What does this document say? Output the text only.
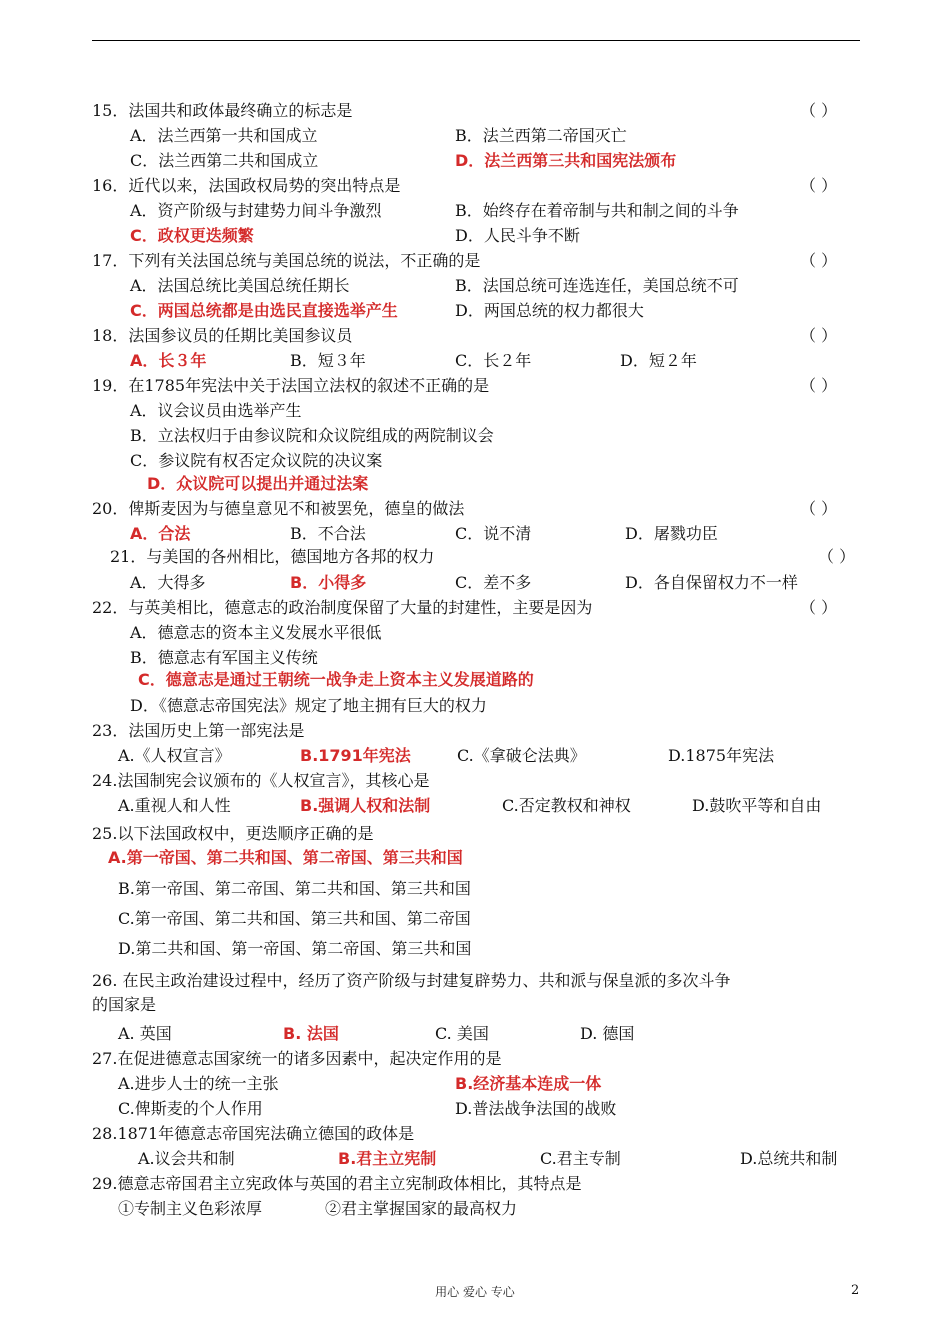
15．法国共和政体最终确立的标志是	（ ）
A．法兰西第一共和国成立	B．法兰西第二帝国灭亡
C．法兰西第二共和国成立	D．法兰西第三共和国宪法颁布
16．近代以来，法国政权局势的突出特点是	（ ）
A．资产阶级与封建势力间斗争激烈	B．始终存在着帝制与共和制之间的斗争
C．政权更迭频繁	D．人民斗争不断
17．下列有关法国总统与美国总统的说法，不正确的是	（ ）
A．法国总统比美国总统任期长	B．法国总统可连选连任，美国总统不可
C．两国总统都是由选民直接选举产生	D．两国总统的权力都很大
18．法国参议员的任期比美国参议员	（ ）
A．长３年	B．短３年	C．长２年	D．短２年
19．在1785年宪法中关于法国立法权的叙述不正确的是	（ ）
A．议会议员由选举产生
B．立法权归于由参议院和众议院组成的两院制议会
C．参议院有权否定众议院的决议案
D．众议院可以提出并通过法案
20．俾斯麦因为与德皇意见不和被罢免，德皇的做法	（ ）
A．合法	B．不合法	C．说不清	D．屠戮功臣
21．与美国的各州相比，德国地方各邦的权力	（ ）
A．大得多	B．小得多	C．差不多	D．各自保留权力不一样
22．与英美相比，德意志的政治制度保留了大量的封建性，主要是因为	（ ）
A．德意志的资本主义发展水平很低
B．德意志有军国主义传统
C．德意志是通过王朝统一战争走上资本主义发展道路的
D．《德意志帝国宪法》规定了地主拥有巨大的权力
23．法国历史上第一部宪法是
A.《人权宣言》	B.1791年宪法	C.《拿破仑法典》	D.1875年宪法
24.法国制宪会议颁布的《人权宣言》，其核心是
A.重视人和人性	B.强调人权和法制	C.否定教权和神权	D.鼓吹平等和自由
25.以下法国政权中，更迭顺序正确的是
A.第一帝国、第二共和国、第二帝国、第三共和国
B.第一帝国、第二帝国、第二共和国、第三共和国
C.第一帝国、第二共和国、第三共和国、第二帝国
D.第二共和国、第一帝国、第二帝国、第三共和国
26. 在民主政治建设过程中，经历了资产阶级与封建复辟势力、共和派与保皇派的多次斗争
的国家是
A. 英国	B. 法国	C. 美国	D. 德国
27.在促进德意志国家统一的诸多因素中，起决定作用的是
A.进步人士的统一主张	B.经济基本连成一体
C.俾斯麦的个人作用	D.普法战争法国的战败
28.1871年德意志帝国宪法确立德国的政体是
A.议会共和制	B.君主立宪制	C.君主专制	D.总统共和制
29.德意志帝国君主立宪政体与英国的君主立宪制政体相比，其特点是
①专制主义色彩浓厚	②君主掌握国家的最高权力
用心 爱心 专心	2
